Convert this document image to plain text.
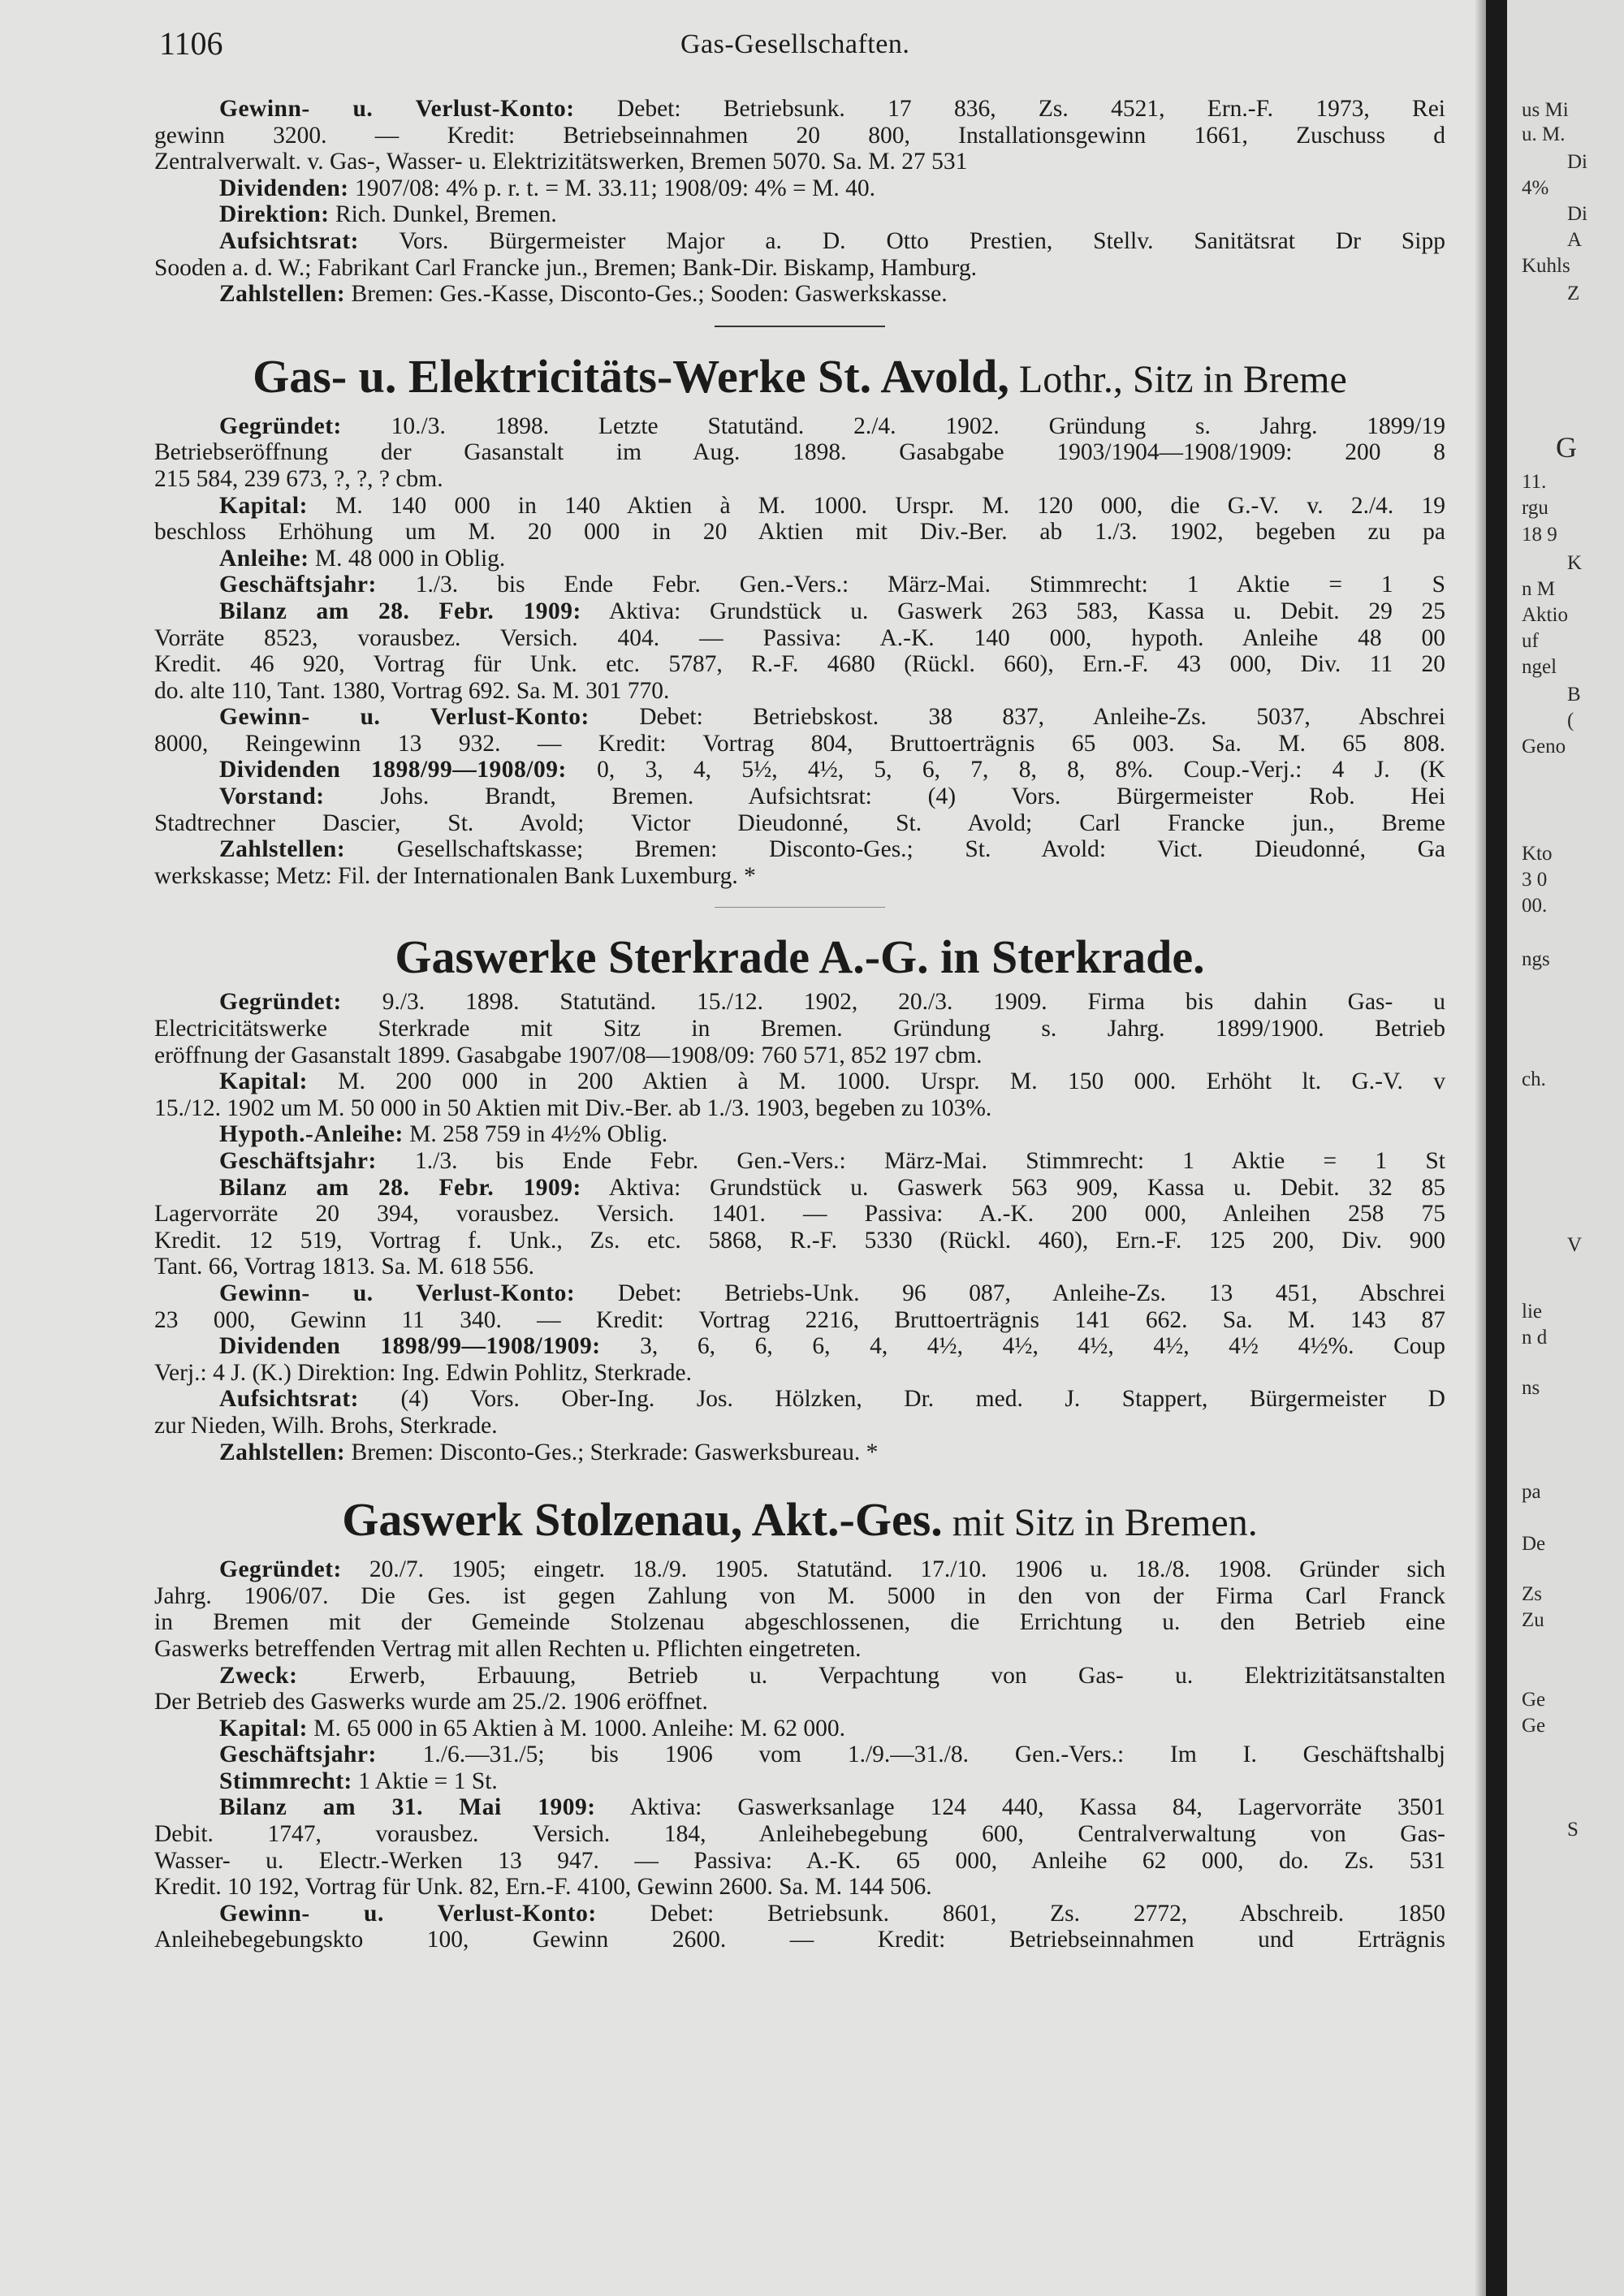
1106	Gas-Gesellschaften.
Gewinn- u. Verlust-Konto: Debet: Betriebsunk. 17 836, Zs. 4521, Ern.-F. 1973, Rei
gewinn 3200. — Kredit: Betriebseinnahmen 20 800, Installationsgewinn 1661, Zuschuss d
Zentralverwalt. v. Gas-, Wasser- u. Elektrizitätswerken, Bremen 5070. Sa. M. 27 531
Dividenden: 1907/08: 4% p. r. t. = M. 33.11; 1908/09: 4% = M. 40.
Direktion: Rich. Dunkel, Bremen.
Aufsichtsrat: Vors. Bürgermeister Major a. D. Otto Prestien, Stellv. Sanitätsrat Dr Sipp
Sooden a. d. W.; Fabrikant Carl Francke jun., Bremen; Bank-Dir. Biskamp, Hamburg.
Zahlstellen: Bremen: Ges.-Kasse, Disconto-Ges.; Sooden: Gaswerkskasse.
Gas- u. Elektricitäts-Werke St. Avold, Lothr., Sitz in Breme
Gegründet: 10./3. 1898. Letzte Statutänd. 2./4. 1902. Gründung s. Jahrg. 1899/19
Betriebseröffnung der Gasanstalt im Aug. 1898. Gasabgabe 1903/1904—1908/1909: 200 8
215 584, 239 673, ?, ?, ? cbm.
Kapital: M. 140 000 in 140 Aktien à M. 1000. Urspr. M. 120 000, die G.-V. v. 2./4. 19
beschloss Erhöhung um M. 20 000 in 20 Aktien mit Div.-Ber. ab 1./3. 1902, begeben zu pa
Anleihe: M. 48 000 in Oblig.
Geschäftsjahr: 1./3. bis Ende Febr. Gen.-Vers.: März-Mai. Stimmrecht: 1 Aktie = 1 S
Bilanz am 28. Febr. 1909: Aktiva: Grundstück u. Gaswerk 263 583, Kassa u. Debit. 29 25
Vorräte 8523, vorausbez. Versich. 404. — Passiva: A.-K. 140 000, hypoth. Anleihe 48 00
Kredit. 46 920, Vortrag für Unk. etc. 5787, R.-F. 4680 (Rückl. 660), Ern.-F. 43 000, Div. 11 20
do. alte 110, Tant. 1380, Vortrag 692. Sa. M. 301 770.
Gewinn- u. Verlust-Konto: Debet: Betriebskost. 38 837, Anleihe-Zs. 5037, Abschrei
8000, Reingewinn 13 932. — Kredit: Vortrag 804, Bruttoerträgnis 65 003. Sa. M. 65 808.
Dividenden 1898/99—1908/09: 0, 3, 4, 5½, 4½, 5, 6, 7, 8, 8, 8%. Coup.-Verj.: 4 J. (K
Vorstand: Johs. Brandt, Bremen. Aufsichtsrat: (4) Vors. Bürgermeister Rob. Hei
Stadtrechner Dascier, St. Avold; Victor Dieudonné, St. Avold; Carl Francke jun., Breme
Zahlstellen: Gesellschaftskasse; Bremen: Disconto-Ges.; St. Avold: Vict. Dieudonné, Ga
werkskasse; Metz: Fil. der Internationalen Bank Luxemburg. *
Gaswerke Sterkrade A.-G. in Sterkrade.
Gegründet: 9./3. 1898. Statutänd. 15./12. 1902, 20./3. 1909. Firma bis dahin Gas- u
Electricitätswerke Sterkrade mit Sitz in Bremen. Gründung s. Jahrg. 1899/1900. Betrieb
eröffnung der Gasanstalt 1899. Gasabgabe 1907/08—1908/09: 760 571, 852 197 cbm.
Kapital: M. 200 000 in 200 Aktien à M. 1000. Urspr. M. 150 000. Erhöht lt. G.-V. v
15./12. 1902 um M. 50 000 in 50 Aktien mit Div.-Ber. ab 1./3. 1903, begeben zu 103%.
Hypoth.-Anleihe: M. 258 759 in 4½% Oblig.
Geschäftsjahr: 1./3. bis Ende Febr. Gen.-Vers.: März-Mai. Stimmrecht: 1 Aktie = 1 St
Bilanz am 28. Febr. 1909: Aktiva: Grundstück u. Gaswerk 563 909, Kassa u. Debit. 32 85
Lagervorräte 20 394, vorausbez. Versich. 1401. — Passiva: A.-K. 200 000, Anleihen 258 75
Kredit. 12 519, Vortrag f. Unk., Zs. etc. 5868, R.-F. 5330 (Rückl. 460), Ern.-F. 125 200, Div. 900
Tant. 66, Vortrag 1813. Sa. M. 618 556.
Gewinn- u. Verlust-Konto: Debet: Betriebs-Unk. 96 087, Anleihe-Zs. 13 451, Abschrei
23 000, Gewinn 11 340. — Kredit: Vortrag 2216, Bruttoerträgnis 141 662. Sa. M. 143 87
Dividenden 1898/99—1908/1909: 3, 6, 6, 6, 4, 4½, 4½, 4½, 4½, 4½ 4½%. Coup
Verj.: 4 J. (K.) Direktion: Ing. Edwin Pohlitz, Sterkrade.
Aufsichtsrat: (4) Vors. Ober-Ing. Jos. Hölzken, Dr. med. J. Stappert, Bürgermeister D
zur Nieden, Wilh. Brohs, Sterkrade.
Zahlstellen: Bremen: Disconto-Ges.; Sterkrade: Gaswerksbureau. *
Gaswerk Stolzenau, Akt.-Ges. mit Sitz in Bremen.
Gegründet: 20./7. 1905; eingetr. 18./9. 1905. Statutänd. 17./10. 1906 u. 18./8. 1908. Gründer sich
Jahrg. 1906/07. Die Ges. ist gegen Zahlung von M. 5000 in den von der Firma Carl Franck
in Bremen mit der Gemeinde Stolzenau abgeschlossenen, die Errichtung u. den Betrieb eine
Gaswerks betreffenden Vertrag mit allen Rechten u. Pflichten eingetreten.
Zweck: Erwerb, Erbauung, Betrieb u. Verpachtung von Gas- u. Elektrizitätsanstalten
Der Betrieb des Gaswerks wurde am 25./2. 1906 eröffnet.
Kapital: M. 65 000 in 65 Aktien à M. 1000. Anleihe: M. 62 000.
Geschäftsjahr: 1./6.—31./5; bis 1906 vom 1./9.—31./8. Gen.-Vers.: Im I. Geschäftshalbj
Stimmrecht: 1 Aktie = 1 St.
Bilanz am 31. Mai 1909: Aktiva: Gaswerksanlage 124 440, Kassa 84, Lagervorräte 3501
Debit. 1747, vorausbez. Versich. 184, Anleihebegebung 600, Centralverwaltung von Gas-
Wasser- u. Electr.-Werken 13 947. — Passiva: A.-K. 65 000, Anleihe 62 000, do. Zs. 531
Kredit. 10 192, Vortrag für Unk. 82, Ern.-F. 4100, Gewinn 2600. Sa. M. 144 506.
Gewinn- u. Verlust-Konto: Debet: Betriebsunk. 8601, Zs. 2772, Abschreib. 1850
Anleihebegebungskto 100, Gewinn 2600. — Kredit: Betriebseinnahmen und Erträgnis
us Mi
u. M.
Di
4%
Di
A
Kuhls
Z
G
11.
rgu
18 9
K
n M
Aktio
uf
ngel
B
(
Geno
Kto
3 0
00.
ngs
ch.
V
lie
n d
ns
pa
De
Zs
Zu
Ge
Ge
S
